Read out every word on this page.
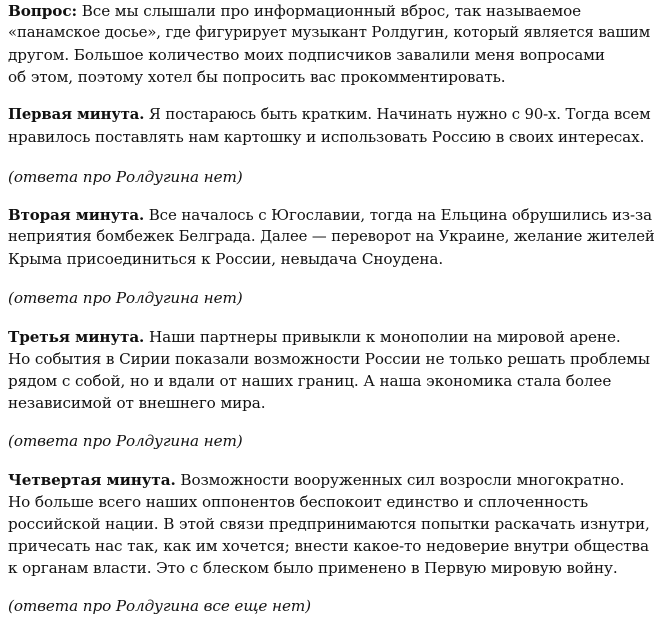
Вопрос: Все мы слышали про информационный вброс, так называемое
«панамское досье», где фигурирует музыкант Ролдугин, который является вашим
другом. Большое количество моих подписчиков завалили меня вопросами
об этом, поэтому хотел бы попросить вас прокомментировать.
Первая минута. Я постараюсь быть кратким. Начинать нужно с 90-х. Тогда всем
нравилось поставлять нам картошку и использовать Россию в своих интересах.
(ответа про Ролдугина нет)
Вторая минута. Все началось с Югославии, тогда на Ельцина обрушились из-за
неприятия бомбежек Белграда. Далее — переворот на Украине, желание жителей
Крыма присоединиться к России, невыдача Сноудена.
(ответа про Ролдугина нет)
Третья минута. Наши партнеры привыкли к монополии на мировой арене.
Но события в Сирии показали возможности России не только решать проблемы
рядом с собой, но и вдали от наших границ. А наша экономика стала более
независимой от внешнего мира.
(ответа про Ролдугина нет)
Четвертая минута. Возможности вооруженных сил возросли многократно.
Но больше всего наших оппонентов беспокоит единство и сплоченность
российской нации. В этой связи предпринимаются попытки раскачать изнутри,
причесать нас так, как им хочется; внести какое-то недоверие внутри общества
к органам власти. Это с блеском было применено в Первую мировую войну.
(ответа про Ролдугина все еще нет)
